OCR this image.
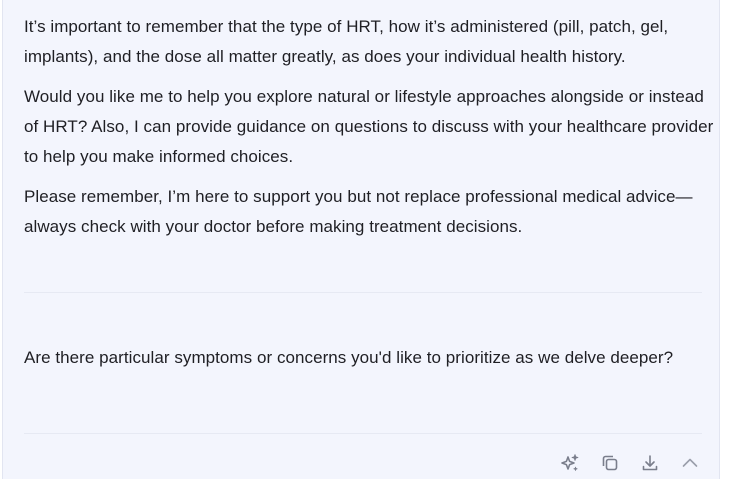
It’s important to remember that the type of HRT, how it’s administered (pill, patch, gel, implants), and the dose all matter greatly, as does your individual health history.

Would you like me to help you explore natural or lifestyle approaches alongside or instead of HRT? Also, I can provide guidance on questions to discuss with your healthcare provider to help you make informed choices.

Please remember, I’m here to support you but not replace professional medical advice—always check with your doctor before making treatment decisions.

Are there particular symptoms or concerns you'd like to prioritize as we delve deeper?
